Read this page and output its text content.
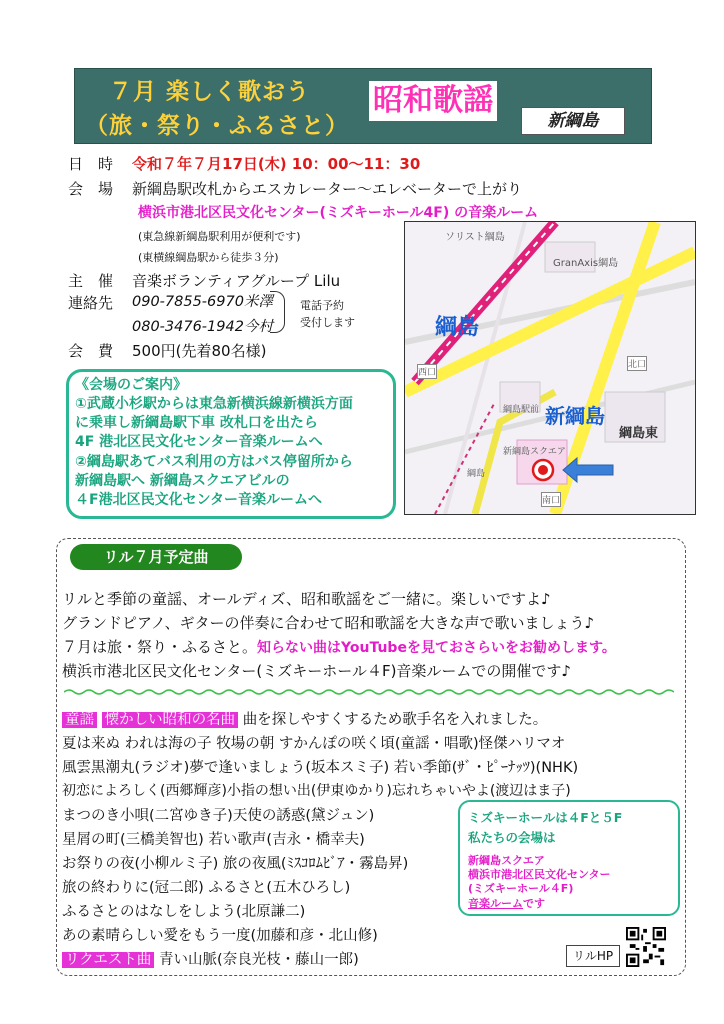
７月 楽しく歌おう
（旅・祭り・ふるさと）
昭和歌謡
新綱島
日　時 令和７年７月17日(木) 10：00～11：30
会　場 新綱島駅改札からエスカレーター～エレベーターで上がり
横浜市港北区民文化センター(ミズキーホール4F) の音楽ルーム
(東急線新綱島駅利用が便利です)
(東横線綱島駅から徒歩３分)
主　催 音楽ボランティアグループ Lilu
連絡先 090-7855-6970米澤
080-3476-1942今村
電話予約
受付します
会　費 500円(先着80名様)

《会場のご案内》

①武蔵小杉駅からは東急新横浜線新横浜方面

に乗車し新綱島駅下車 改札口を出たら

4F 港北区民文化センター音楽ルームへ

②綱島駅あてバス利用の方はバス停留所から

新綱島駅へ 新綱島スクエアビルの

４F港北区民文化センター音楽ルームへ

ソリスト綱島
GranAxis綱島
綱島
新綱島
綱島東
西口
北口
南口
新綱島スクエア
綱島駅前
綱島
リル７月予定曲
リルと季節の童謡、オールディズ、昭和歌謡をご一緒に。楽しいですよ♪
グランドピアノ、ギターの伴奏に合わせて昭和歌謡を大きな声で歌いましょう♪
７月は旅・祭り・ふるさと。知らない曲はYouTubeを見ておさらいをお勧めします。
横浜市港北区民文化センター(ミズキーホール４F)音楽ルームでの開催です♪
童謡 懐かしい昭和の名曲 曲を探しやすくするため歌手名を入れました。
夏は来ぬ われは海の子 牧場の朝 すかんぽの咲く頃(童謡・唱歌)怪傑ハリマオ
風雲黒潮丸(ラジオ)夢で逢いましょう(坂本スミ子) 若い季節(ｻﾞ・ﾋﾟｰﾅｯﾂ)(NHK)
初恋によろしく(西郷輝彦)小指の想い出(伊東ゆかり)忘れちゃいやよ(渡辺はま子)
まつのき小唄(二宮ゆき子)天使の誘惑(黛ジュン)
星屑の町(三橋美智也) 若い歌声(吉永・橋幸夫)
お祭りの夜(小柳ルミ子) 旅の夜風(ﾐｽｺﾛﾑﾋﾞｱ・霧島昇)
旅の終わりに(冠二郎) ふるさと(五木ひろし)
ふるさとのはなしをしよう(北原謙二)
あの素晴らしい愛をもう一度(加藤和彦・北山修)
リクエスト曲 青い山脈(奈良光枝・藤山一郎)
ミズキーホールは４Fと５F
私たちの会場は
新綱島スクエア
横浜市港北区民文化センター
(ミズキーホール４F)
音楽ルームです
リルHP
